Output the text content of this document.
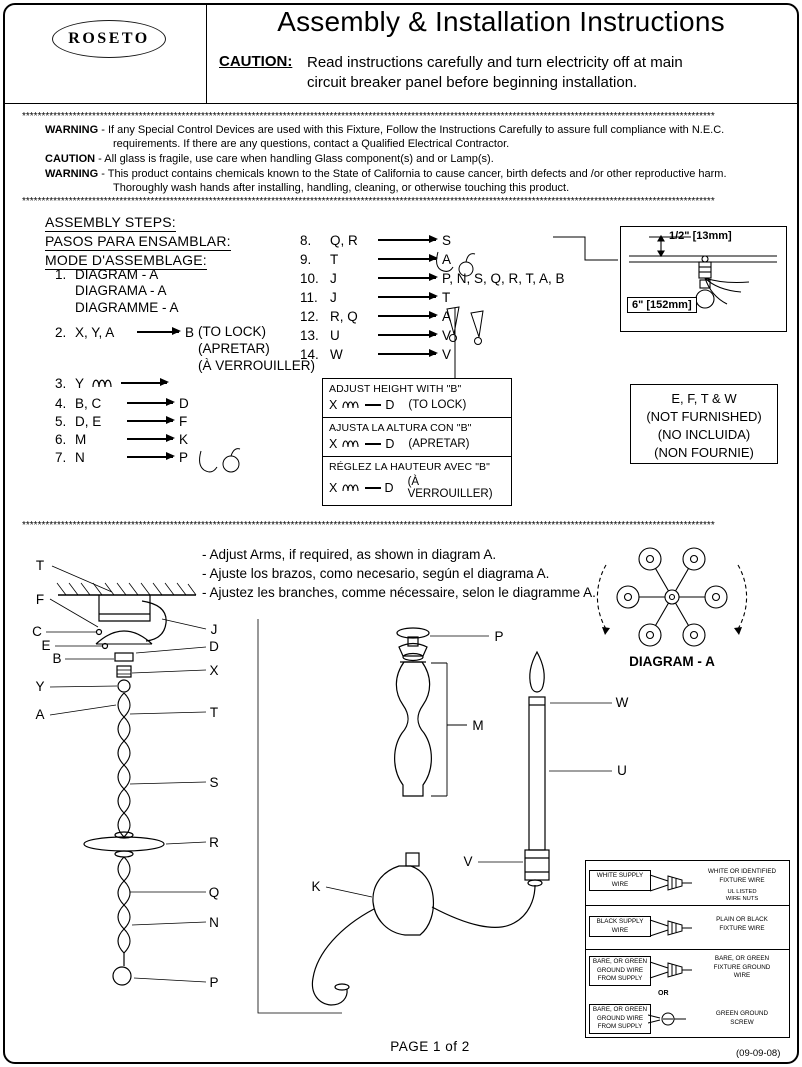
ROSETO
Assembly & Installation Instructions
CAUTION: Read instructions carefully and turn electricity off at main
circuit breaker panel before beginning installation.
**********************************************************************************************************************************************************************************
WARNING - If any Special Control Devices are used with this Fixture, Follow the Instructions Carefully to assure full compliance with N.E.C.
requirements. If there are any questions, contact a Qualified Electrical Contractor.
CAUTION - All glass is fragile, use care when handling Glass component(s) and or Lamp(s).
WARNING - This product contains chemicals known to the State of California to cause cancer, birth defects and /or other reproductive harm.
Thoroughly wash hands after installing, handling, cleaning, or otherwise touching this product.
**********************************************************************************************************************************************************************************
ASSEMBLY STEPS:
PASOS PARA ENSAMBLAR:
MODE D'ASSEMBLAGE:
1. DIAGRAM - A
DIAGRAMA - A
DIAGRAMME - A
2. X, Y, A	B (TO LOCK)
(APRETAR)
(À VERROUILLER)
3. Y
4. B, C	D
5. D, E	F
6. M	K
7. N	P
8.	Q, R	S
9.	T	A
10. J	P, N, S, Q, R, T, A, B
11. J	T
12. R, Q	A
13. U	V
14. W	V
ADJUST HEIGHT WITH "B"
X	D (TO LOCK)
AJUSTA LA ALTURA CON "B"
X	D (APRETAR)
RÉGLEZ LA HAUTEUR AVEC "B"
X	D (À VERROUILLER)
1/2" [13mm]
6" [152mm]
E, F, T & W
(NOT FURNISHED)
(NO INCLUIDA)
(NON FOURNIE)
**********************************************************************************************************************************************************************************
- Adjust Arms, if required, as shown in diagram A.
- Ajuste los brazos, como necesario, según el diagrama A.
- Ajustez les branches, comme nécessaire, selon le diagramme A.
T
F
C
E
B
Y
A
J
D
X
T
S
R
Q
N
P
P
M
K
V
W
U
DIAGRAM - A
WHITE SUPPLY
WIRE
WHITE OR IDENTIFIED
FIXTURE WIRE
UL LISTED
WIRE NUTS
BLACK SUPPLY
WIRE
PLAIN OR BLACK
FIXTURE WIRE
BARE, OR GREEN
GROUND WIRE
FROM SUPPLY
BARE, OR GREEN
FIXTURE GROUND
WIRE
OR
BARE, OR GREEN
GROUND WIRE
FROM SUPPLY
GREEN GROUND
SCREW
PAGE 1 of 2	(09-09-08)
